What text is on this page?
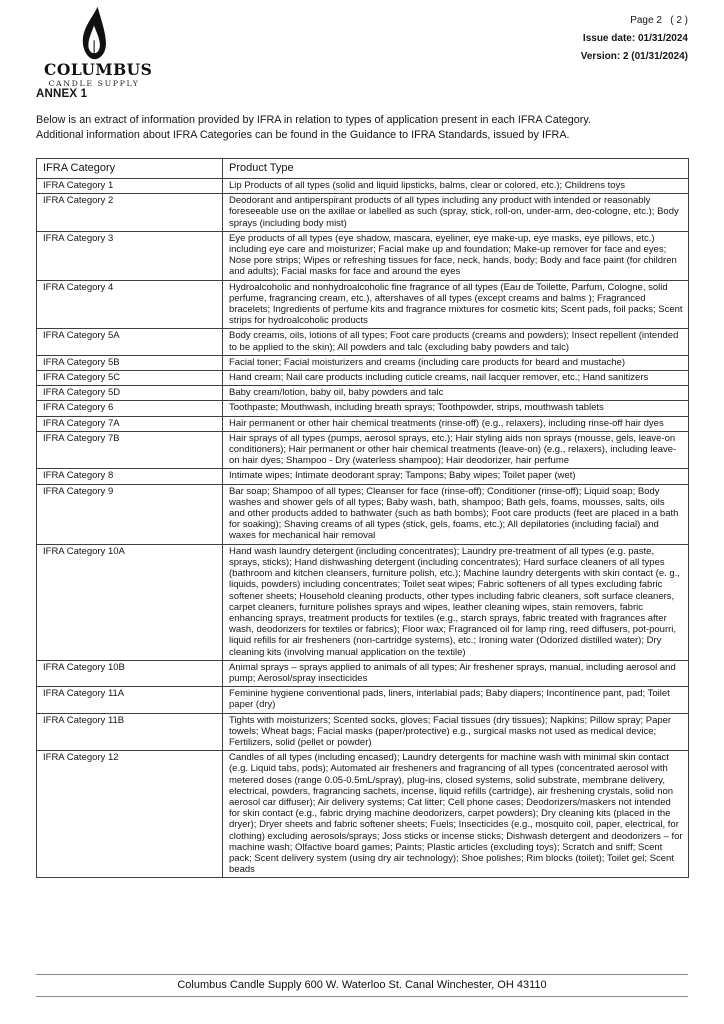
COLUMBUS
CANDLE SUPPLY
Page 2   ( 2 )
Issue date: 01/31/2024
Version: 2 (01/31/2024)
ANNEX 1
Below is an extract of information provided by IFRA in relation to types of application present in each IFRA Category.
Additional information about IFRA Categories can be found in the Guidance to IFRA Standards, issued by IFRA.
IFRA Category	Product Type
IFRA Category 1	Lip Products of all types (solid and liquid lipsticks, balms, clear or colored, etc.); Childrens toys
IFRA Category 2	Deodorant and antiperspirant products of all types including any product with intended or reasonably foreseeable use on the axillae or labelled as such (spray, stick, roll-on, under-arm, deo-cologne, etc.); Body sprays (including body mist)
IFRA Category 3	Eye products of all types (eye shadow, mascara, eyeliner, eye make-up, eye masks, eye pillows, etc.) including eye care and moisturizer; Facial make up and foundation; Make-up remover for face and eyes; Nose pore strips; Wipes or refreshing tissues for face, neck, hands, body; Body and face paint (for children and adults); Facial masks for face and around the eyes
IFRA Category 4	Hydroalcoholic and nonhydroalcoholic fine fragrance of all types (Eau de Toilette, Parfum, Cologne, solid perfume, fragrancing cream, etc.), aftershaves of all types (except creams and balms ); Fragranced bracelets; Ingredients of perfume kits and fragrance mixtures for cosmetic kits; Scent pads, foil packs; Scent strips for hydroalcoholic products
IFRA Category 5A	Body creams, oils, lotions of all types; Foot care products (creams and powders); Insect repellent (intended to be applied to the skin); All powders and talc (excluding baby powders and talc)
IFRA Category 5B	Facial toner; Facial moisturizers and creams (including care products for beard and mustache)
IFRA Category 5C	Hand cream; Nail care products including cuticle creams, nail lacquer remover, etc.; Hand sanitizers
IFRA Category 5D	Baby cream/lotion, baby oil, baby powders and talc
IFRA Category 6	Toothpaste; Mouthwash, including breath sprays; Toothpowder, strips, mouthwash tablets
IFRA Category 7A	Hair permanent or other hair chemical treatments (rinse-off) (e.g., relaxers), including rinse-off hair dyes
IFRA Category 7B	Hair sprays of all types (pumps, aerosol sprays, etc.); Hair styling aids non sprays (mousse, gels, leave-on conditioners); Hair permanent or other hair chemical treatments (leave-on) (e.g., relaxers), including leave-on hair dyes; Shampoo - Dry (waterless shampoo); Hair deodorizer, hair perfume
IFRA Category 8	Intimate wipes; Intimate deodorant spray; Tampons; Baby wipes; Toilet paper (wet)
IFRA Category 9	Bar soap; Shampoo of all types; Cleanser for face (rinse-off); Conditioner (rinse-off); Liquid soap; Body washes and shower gels of all types; Baby wash, bath, shampoo; Bath gels, foams, mousses, salts, oils and other products added to bathwater (such as bath bombs); Foot care products (feet are placed in a bath for soaking); Shaving creams of all types (stick, gels, foams, etc.); All depilatories (including facial) and waxes for mechanical hair removal
IFRA Category 10A	Hand wash laundry detergent (including concentrates); Laundry pre-treatment of all types (e.g. paste, sprays, sticks); Hand dishwashing detergent (including concentrates); Hard surface cleaners of all types (bathroom and kitchen cleansers, furniture polish, etc.); Machine laundry detergents with skin contact (e. g., liquids, powders) including concentrates; Toilet seat wipes; Fabric softeners of all types excluding fabric softener sheets; Household cleaning products, other types including fabric cleaners, soft surface cleaners, carpet cleaners, furniture polishes sprays and wipes, leather cleaning wipes, stain removers, fabric enhancing sprays, treatment products for textiles (e.g., starch sprays, fabric treated with fragrances after wash, deodorizers for textiles or fabrics); Floor wax; Fragranced oil for lamp ring, reed diffusers, pot-pourri, liquid refills for air fresheners (non-cartridge systems), etc.; Ironing water (Odorized distilled water); Dry cleaning kits (involving manual application on the textile)
IFRA Category 10B	Animal sprays – sprays applied to animals of all types; Air freshener sprays, manual, including aerosol and pump; Aerosol/spray insecticides
IFRA Category 11A	Feminine hygiene conventional pads, liners, interlabial pads; Baby diapers; Incontinence pant, pad; Toilet paper (dry)
IFRA Category 11B	Tights with moisturizers; Scented socks, gloves; Facial tissues (dry tissues); Napkins; Pillow spray; Paper towels; Wheat bags; Facial masks (paper/protective) e.g., surgical masks not used as medical device; Fertilizers, solid (pellet or powder)
IFRA Category 12	Candles of all types (including encased); Laundry detergents for machine wash with minimal skin contact (e.g. Liquid tabs, pods); Automated air fresheners and fragrancing of all types (concentrated aerosol with metered doses (range 0.05-0.5mL/spray), plug-ins, closed systems, solid substrate, membrane delivery, electrical, powders, fragrancing sachets, incense, liquid refills (cartridge), air freshening crystals, solid non aerosol car diffuser); Air delivery systems; Cat litter; Cell phone cases; Deodorizers/maskers not intended for skin contact (e.g., fabric drying machine deodorizers, carpet powders); Dry cleaning kits (placed in the dryer); Dryer sheets and fabric softener sheets; Fuels; Insecticides (e.g., mosquito coil, paper, electrical, for clothing) excluding aerosols/sprays; Joss sticks or incense sticks; Dishwash detergent and deodorizers – for machine wash; Olfactive board games; Paints; Plastic articles (excluding toys); Scratch and sniff; Scent pack; Scent delivery system (using dry air technology); Shoe polishes; Rim blocks (toilet); Toilet gel; Scent beads
Columbus Candle Supply 600 W. Waterloo St. Canal Winchester, OH 43110
